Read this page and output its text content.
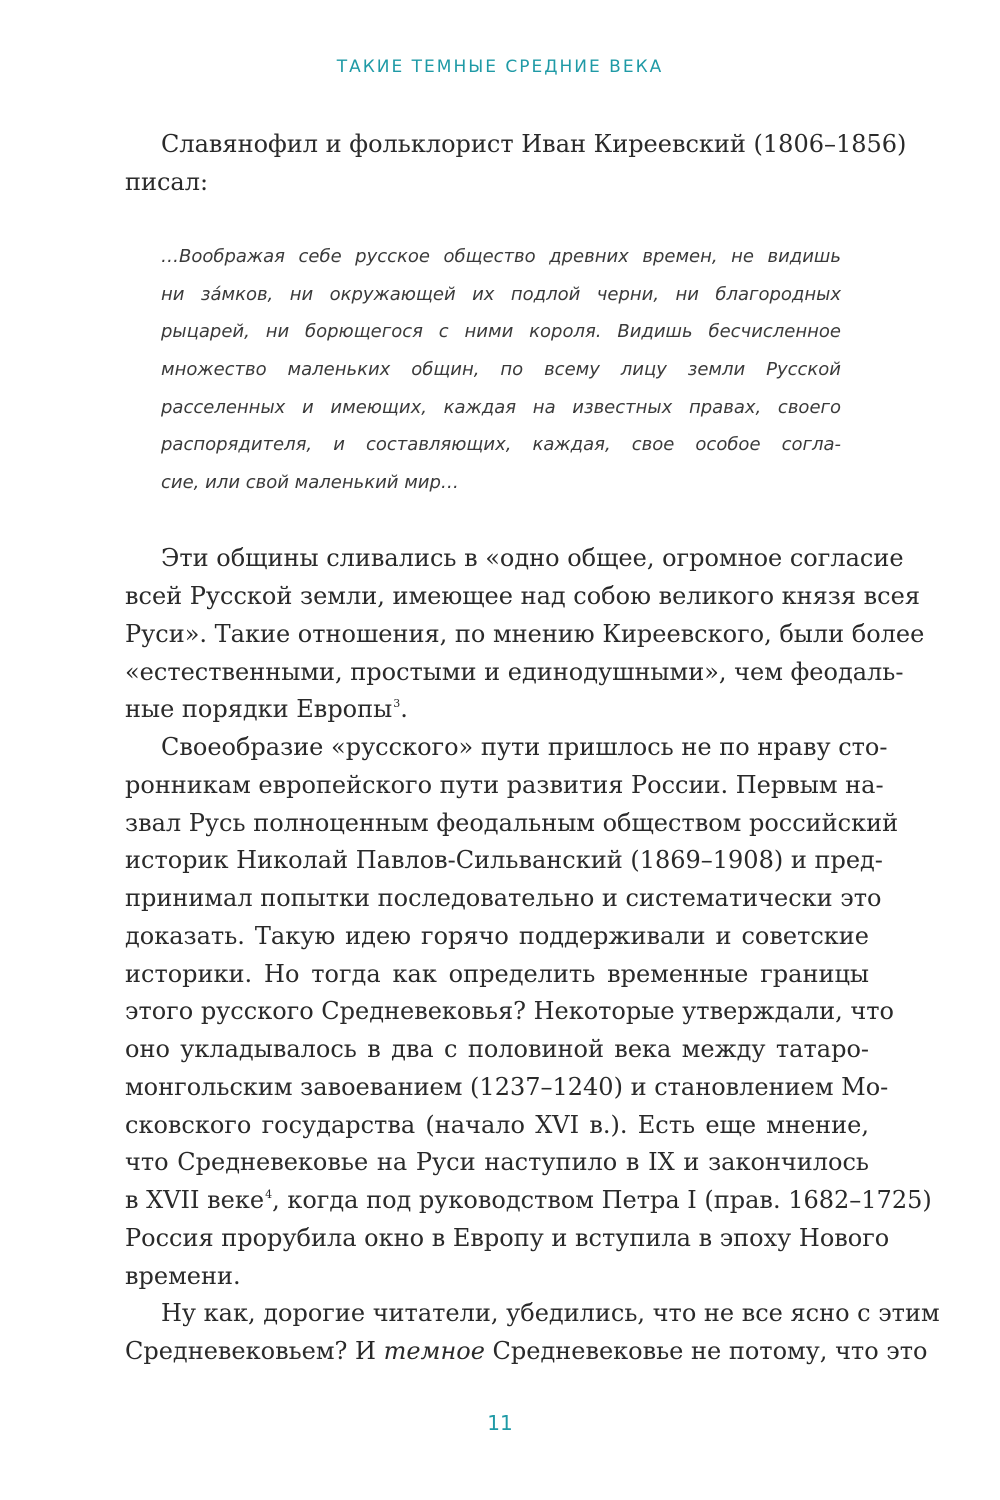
ТАКИЕ ТЕМНЫЕ СРЕДНИЕ ВЕКА
Славянофил и фольклорист Иван Киреевский (1806–1856)
писал:
…Воображая себе русское общество древних времен, не видишь
ни зáмков, ни окружающей их подлой черни, ни благородных
рыцарей, ни борющегося с ними короля. Видишь бесчисленное
множество маленьких общин, по всему лицу земли Русской
расселенных и имеющих, каждая на известных правах, своего
распорядителя, и составляющих, каждая, свое особое согла-
сие, или свой маленький мир…
Эти общины сливались в «одно общее, огромное согласие
всей Русской земли, имеющее над собою великого князя всея
Руси». Такие отношения, по мнению Киреевского, были более
«естественными, простыми и единодушными», чем феодаль-
ные порядки Европы$^3$.
Своеобразие «русского» пути пришлось не по нраву сто-
ронникам европейского пути развития России. Первым на-
звал Русь полноценным феодальным обществом российский
историк Николай Павлов-Сильванский (1869–1908) и пред-
принимал попытки последовательно и систематически это
доказать. Такую идею горячо поддерживали и советские
историки. Но тогда как определить временные границы
этого русского Средневековья? Некоторые утверждали, что
оно укладывалось в два с половиной века между татаро-
монгольским завоеванием (1237–1240) и становлением Мо-
сковского государства (начало XVI в.). Есть еще мнение,
что Средневековье на Руси наступило в IX и закончилось
в XVII веке$^4$, когда под руководством Петра I (прав. 1682–1725)
Россия прорубила окно в Европу и вступила в эпоху Нового
времени.
Ну как, дорогие читатели, убедились, что не все ясно с этим
Средневековьем? И темное Средневековье не потому, что это
11
